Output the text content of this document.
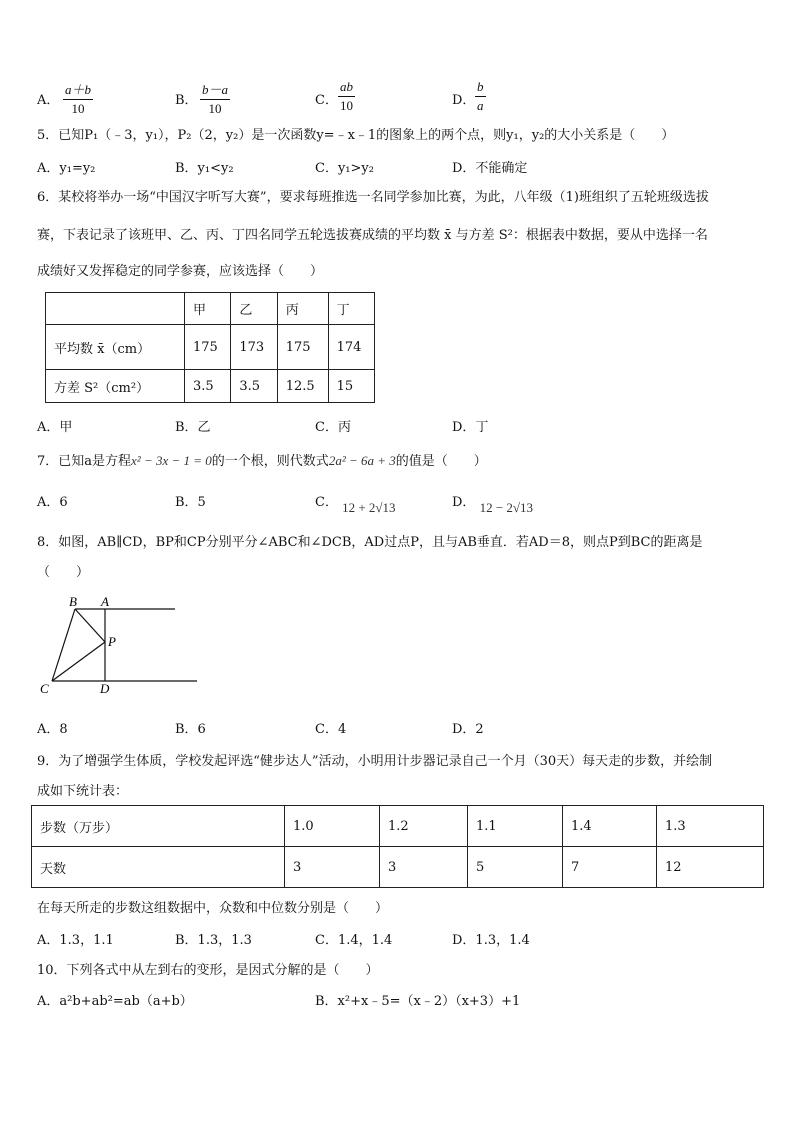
A． $\frac{a+b}{10}$	B． $\frac{b-a}{10}$	C． $\frac{ab}{10}$	D． $\frac{b}{a}$
5．已知P₁（﹣3，y₁），P₂（2，y₂）是一次函数y=﹣x﹣1的图象上的两个点，则y₁，y₂的大小关系是（　　）
A．y₁=y₂	B．y₁<y₂	C．y₁>y₂	D．不能确定
6．某校将举办一场“中国汉字听写大赛”，要求每班推选一名同学参加比赛，为此，八年级（1)班组织了五轮班级选拔
赛，下表记录了该班甲、乙、丙、丁四名同学五轮选拔赛成绩的平均数 x̄ 与方差 S²：根据表中数据，要从中选择一名
成绩好又发挥稳定的同学参赛，应该选择（　　）
	甲	乙	丙	丁
平均数 x̄（cm）	175	173	175	174
方差 S²（cm²）	3.5	3.5	12.5	15
A．甲	B．乙	C．丙	D．丁
7．已知a是方程x² − 3x − 1 = 0的一个根，则代数式2a² − 6a + 3的值是（　　）
A．6	B．5	C． 12 + 2√13	D． 12 − 2√13
8．如图，AB∥CD，BP和CP分别平分∠ABC和∠DCB，AD过点P，且与AB垂直．若AD＝8，则点P到BC的距离是
（　　）
B A
P
C	D
A．8	B．6	C．4	D．2
9．为了增强学生体质，学校发起评选“健步达人”活动，小明用计步器记录自己一个月（30天）每天走的步数，并绘制
成如下统计表：
步数（万步）	1.0	1.2	1.1	1.4	1.3
天数	3	3	5	7	12
在每天所走的步数这组数据中，众数和中位数分别是（　　）
A．1.3，1.1	B．1.3，1.3	C．1.4，1.4	D．1.3，1.4
10．下列各式中从左到右的变形，是因式分解的是（　　）
A．a²b+ab²=ab（a+b）	B．x²+x﹣5=（x﹣2）（x+3）+1
